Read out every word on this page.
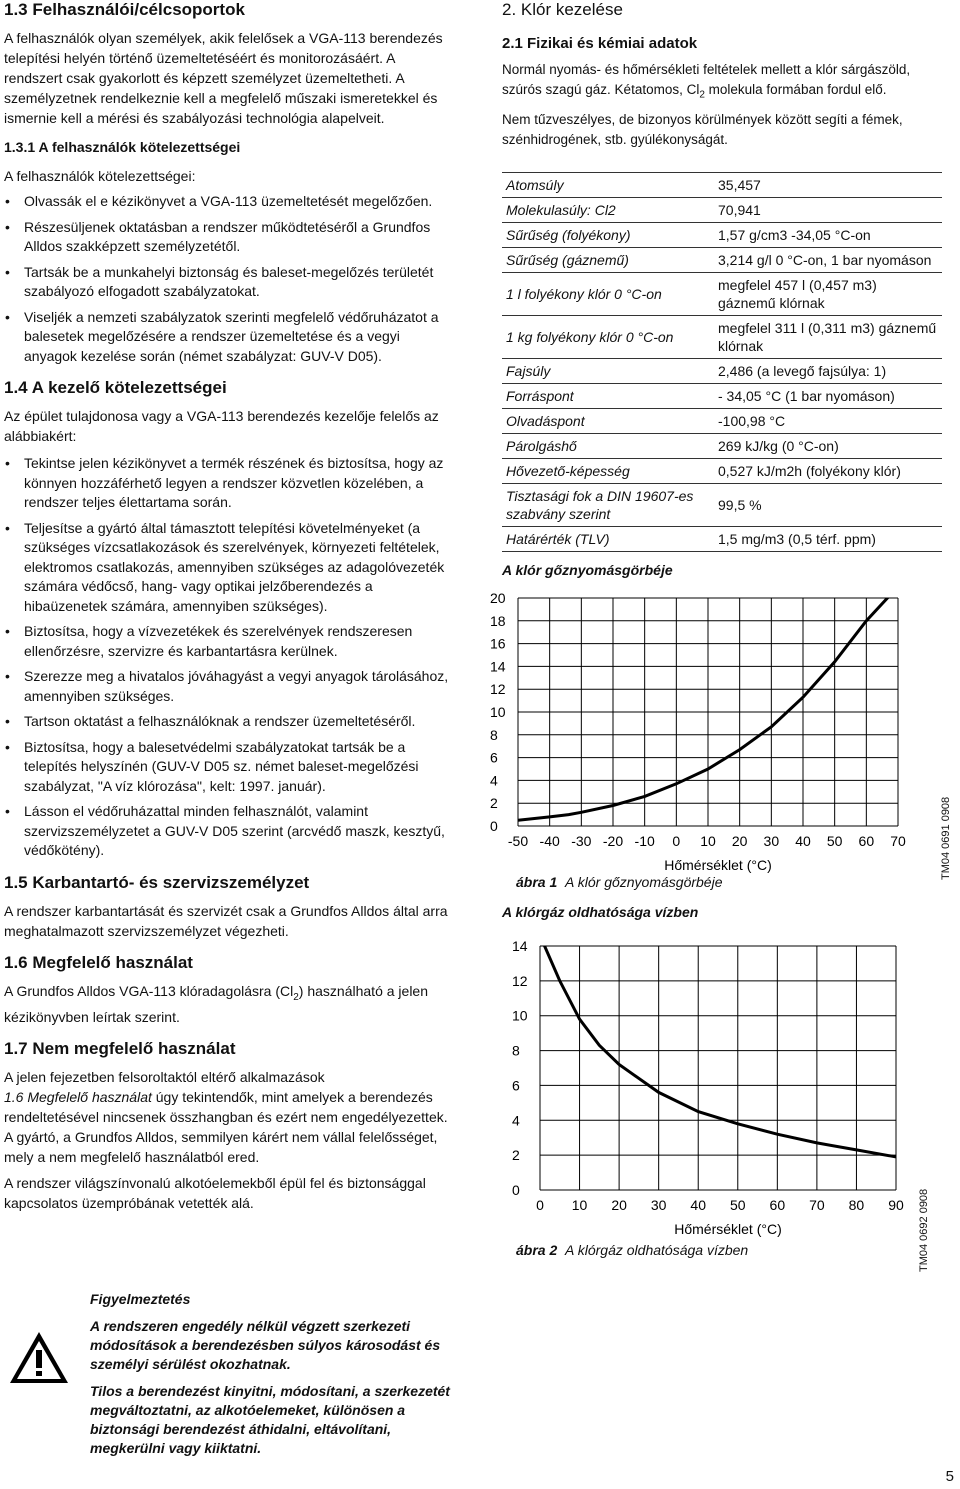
1.3 Felhasználói/célcsoportok

A felhasználók olyan személyek, akik felelősek a VGA-113 berendezés telepítési helyén történő üzemeltetéséért és monitorozásáért. A rendszert csak gyakorlott és képzett személyzet üzemeltetheti. A személyzetnek rendelkeznie kell a megfelelő műszaki ismeretekkel és ismernie kell a mérési és szabályozási technológia alapelveit.

1.3.1 A felhasználók kötelezettségei

A felhasználók kötelezettségei:

• Olvassák el e kézikönyvet a VGA-113 üzemeltetését megelőzően.
• Részesüljenek oktatásban a rendszer működtetéséről a Grundfos Alldos szakképzett személyzetétől.
• Tartsák be a munkahelyi biztonság és baleset-megelőzés területét szabályozó elfogadott szabályzatokat.
• Viseljék a nemzeti szabályzatok szerinti megfelelő védőruházatot a balesetek megelőzésére a rendszer üzemeltetése és a vegyi anyagok kezelése során (német szabályzat: GUV-V D05).
1.4 A kezelő kötelezettségei

Az épület tulajdonosa vagy a VGA-113 berendezés kezelője felelős az alábbiakért:

• Tekintse jelen kézikönyvet a termék részének és biztosítsa, hogy az könnyen hozzáférhető legyen a rendszer közvetlen közelében, a rendszer teljes élettartama során.
• Teljesítse a gyártó által támasztott telepítési követelményeket (a szükséges vízcsatlakozások és szerelvények, környezeti feltételek, elektromos csatlakozás, amennyiben szükséges az adagolóvezeték számára védőcső, hang- vagy optikai jelzőberendezés a hibaüzenetek számára, amennyiben szükséges).
• Biztosítsa, hogy a vízvezetékek és szerelvények rendszeresen ellenőrzésre, szervizre és karbantartásra kerülnek.
• Szerezze meg a hivatalos jóváhagyást a vegyi anyagok tárolásához, amennyiben szükséges.
• Tartson oktatást a felhasználóknak a rendszer üzemeltetéséről.
• Biztosítsa, hogy a balesetvédelmi szabályzatokat tartsák be a telepítés helyszínén (GUV-V D05 sz. német baleset-megelőzési szabályzat, "A víz klórozása", kelt: 1997. január).
• Lásson el védőruházattal minden felhasználót, valamint szervizszemélyzetet a GUV-V D05 szerint (arcvédő maszk, kesztyű, védőkötény).
1.5 Karbantartó- és szervizszemélyzet

A rendszer karbantartását és szervizét csak a Grundfos Alldos által arra meghatalmazott szervizszemélyzet végezheti.

1.6 Megfelelő használat

A Grundfos Alldos VGA-113 klóradagolásra $(Cl_2)$ használható a jelen kézikönyvben leírtak szerint.

1.7 Nem megfelelő használat

A jelen fejezetben felsoroltaktól eltérő alkalmazások
1.6 Megfelelő használat úgy tekintendők, mint amelyek a berendezés rendeltetésével nincsenek összhangban és ezért nem engedélyezettek. A gyártó, a Grundfos Alldos, semmilyen kárért nem vállal felelősséget, mely a nem megfelelő használatból ered.

A rendszer világszínvonalú alkotóelemekből épül fel és biztonsággal kapcsolatos üzempróbának vetették alá.

Figyelmeztetés
A rendszeren engedély nélkül végzett szerkezeti módosítások a berendezésben súlyos károsodást és személyi sérülést okozhatnak.
Tilos a berendezést kinyitni, módosítani, a szerkezetét megváltoztatni, az alkotóelemeket, különösen a biztonsági berendezést áthidalni, eltávolítani, megkerülni vagy kiiktatni.
2. Klór kezelése
2.1 Fizikai és kémiai adatok

Normál nyomás- és hőmérsékleti feltételek mellett a klór sárgászöld, szúrós szagú gáz. Kétatomos, $Cl_2$ molekula formában fordul elő.

Nem tűzveszélyes, de bizonyos körülmények között segíti a fémek, szénhidrogének, stb. gyúlékonyságát.

Atomsúly	35,457
Molekulasúly: Cl2	70,941
Sűrűség (folyékony)	1,57 g/cm3 -34,05 °C-on
Sűrűség (gáznemű)	3,214 g/l 0 °C-on, 1 bar nyomáson
1 l folyékony klór 0 °C-on	megfelel 457 l (0,457 m3) gáznemű klórnak
1 kg folyékony klór 0 °C-on	megfelel 311 l (0,311 m3) gáznemű klórnak
Fajsúly	2,486 (a levegő fajsúlya: 1)
Forráspont	- 34,05 °C (1 bar nyomáson)
Olvadáspont	-100,98 °C
Párolgáshő	269 kJ/kg (0 °C-on)
Hővezető-képesség	0,527 kJ/m2h (folyékony klór)
Tisztasági fok a DIN 19607-es szabvány szerint	99,5 %
Határérték (TLV)	1,5 mg/m3 (0,5 térf. ppm)
A klór gőznyomásgörbéje
-50 -40 -30 -20 -10 0 10 20 30 40 50 60 70
0
2
4
6
8
10
12
14
16
18
20
Hőmérséklet (°C)
ábra 1 A klór gőznyomásgörbéje
A klórgáz oldhatósága vízben
0 10 20 30 40 50 60 70 80 90
0
2
4
6
8
10
12
14
Hőmérséklet (°C)
ábra 2 A klórgáz oldhatósága vízben
TM04 0691 0908
TM04 0692 0908
5
